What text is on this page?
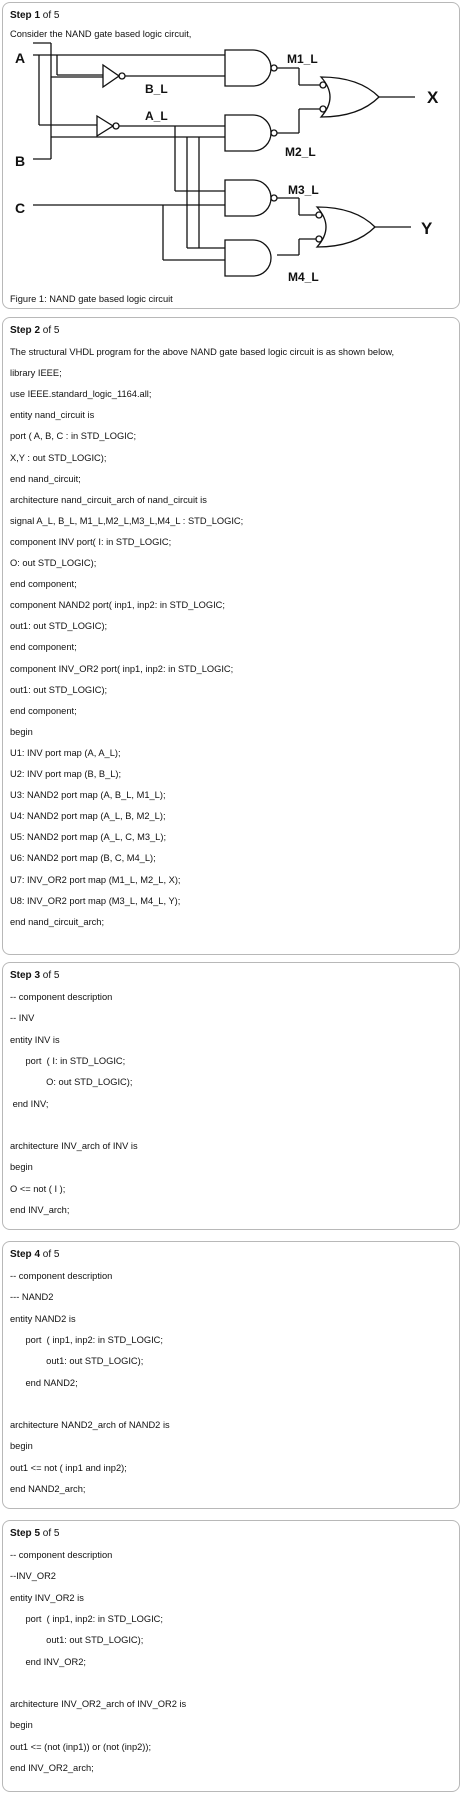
Step 1 of 5
Consider the NAND gate based logic circuit,
A
B
C
X
Y
B_L
A_L
M1_L
M2_L
M3_L
M4_L
Figure 1: NAND gate based logic circuit
Step 2 of 5
The structural VHDL program for the above NAND gate based logic circuit is as shown below,
library IEEE;
use IEEE.standard_logic_1164.all;
entity nand_circuit is
port ( A, B, C : in STD_LOGIC;
X,Y : out STD_LOGIC);
end nand_circuit;
architecture nand_circuit_arch of nand_circuit is
signal A_L, B_L, M1_L,M2_L,M3_L,M4_L : STD_LOGIC;
component INV port( I: in STD_LOGIC;
O: out STD_LOGIC);
end component;
component NAND2 port( inp1, inp2: in STD_LOGIC;
out1: out STD_LOGIC);
end component;
component INV_OR2 port( inp1, inp2: in STD_LOGIC;
out1: out STD_LOGIC);
end component;
begin
U1: INV port map (A, A_L);
U2: INV port map (B, B_L);
U3: NAND2 port map (A, B_L, M1_L);
U4: NAND2 port map (A_L, B, M2_L);
U5: NAND2 port map (A_L, C, M3_L);
U6: NAND2 port map (B, C, M4_L);
U7: INV_OR2 port map (M1_L, M2_L, X);
U8: INV_OR2 port map (M3_L, M4_L, Y);
end nand_circuit_arch;
Step 3 of 5
-- component description
-- INV
entity INV is
port  ( I: in STD_LOGIC;
O: out STD_LOGIC);
end INV;
architecture INV_arch of INV is
begin
O <= not ( I );
end INV_arch;
Step 4 of 5
-- component description
--- NAND2
entity NAND2 is
port  ( inp1, inp2: in STD_LOGIC;
out1: out STD_LOGIC);
end NAND2;
architecture NAND2_arch of NAND2 is
begin
out1 <= not ( inp1 and inp2);
end NAND2_arch;
Step 5 of 5
-- component description
--INV_OR2
entity INV_OR2 is
port  ( inp1, inp2: in STD_LOGIC;
out1: out STD_LOGIC);
end INV_OR2;
architecture INV_OR2_arch of INV_OR2 is
begin
out1 <= (not (inp1)) or (not (inp2));
end INV_OR2_arch;
